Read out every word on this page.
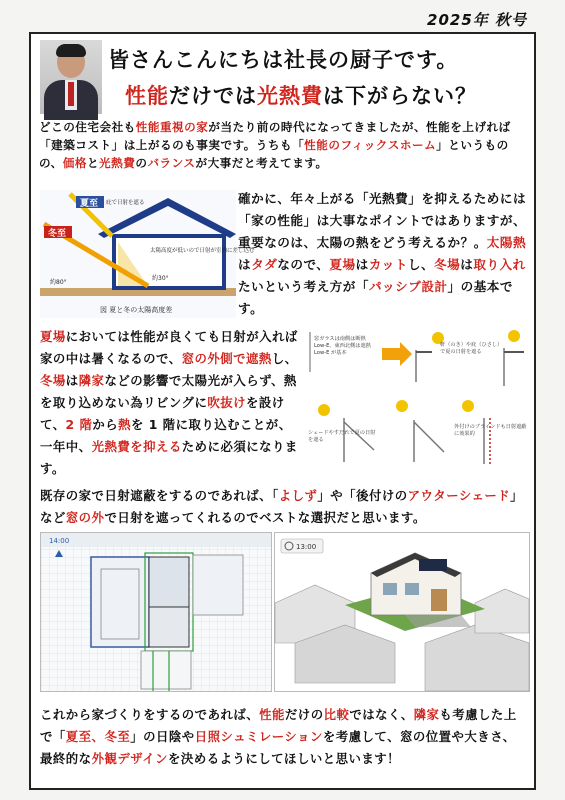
2025年 秋号
皆さんこんにちは社長の厨子です。
性能だけでは光熱費は下がらない？
どこの住宅会社も性能重視の家が当たり前の時代になってきましたが、性能を上げれば「建築コスト」は上がるのも事実です。うちも「性能のフィックスホーム」というものの、価格と光熱費のバランスが大事だと考えてます。
夏至
冬至
庇で日射を遮る
太陽高度が低いので日射が室内に差し込む
約30°
約80°
図 夏と冬の太陽高度差
確かに、年々上がる「光熱費」を抑えるためには「家の性能」は大事なポイントではありますが、重要なのは、太陽の熱をどう考えるか？。太陽熱はタダなので、夏場はカットし、冬場は取り入れたいという考え方が「パッシブ設計」の基本です。
夏場においては性能が良くても日射が入れば家の中は暑くなるので、窓の外側で遮熱し、冬場は隣家などの影響で太陽光が入らず、熱を取り込めない為リビングに吹抜けを設けて、2 階から熱を 1 階に取り込むことが、一年中、光熱費を抑えるために必須になります。
窓ガラスは南側は断熱 Low-E、東西北側は遮熱 Low-E が基本
軒（のき）や庇（ひさし）で夏の日射を遮る
シェードやすだれで夏の日射を遮る
外付けのブラインドも日射遮蔽に効果的
既存の家で日射遮蔽をするのであれば、「よしず」や「後付けのアウターシェード」など窓の外で日射を遮ってくれるのでベストな選択だと思います。
14:00
13:00
これから家づくりをするのであれば、性能だけの比較ではなく、隣家も考慮した上で「夏至、冬至」の日陰や日照シュミレーションを考慮して、窓の位置や大きさ、最終的な外観デザインを決めるようにしてほしいと思います！
